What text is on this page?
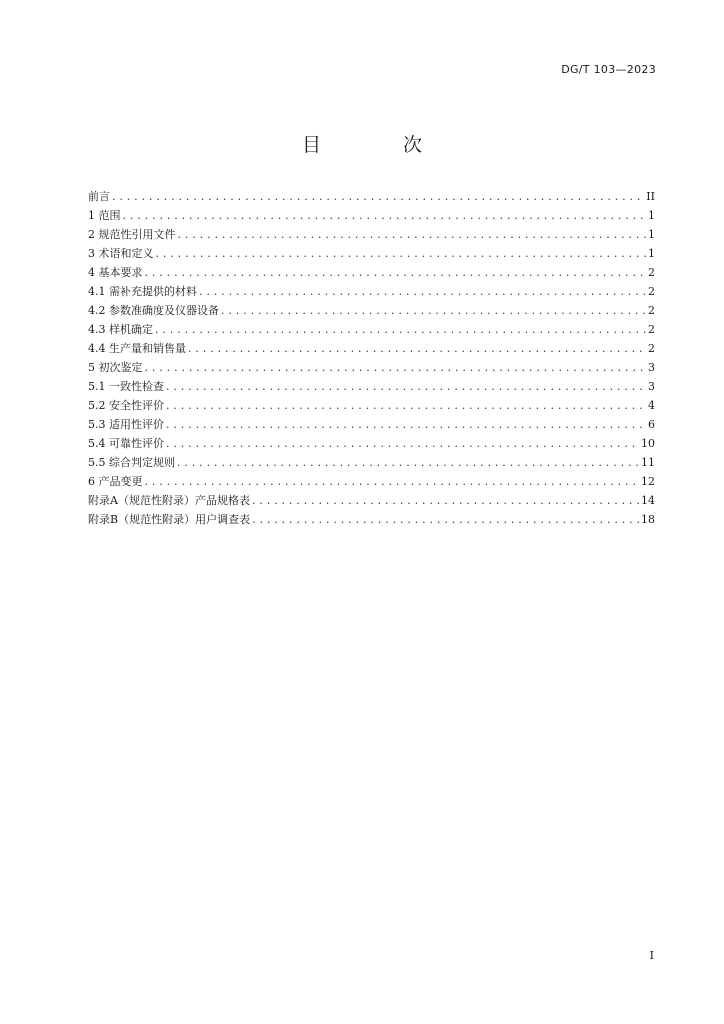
DG/T 103—2023
目 次
前言 . . .	II
1 范围 . . .	1
2 规范性引用文件 . . .	1
3 术语和定义 . . .	1
4 基本要求 . . .	2
4.1 需补充提供的材料 . . .	2
4.2 参数准确度及仪器设备 . . .	2
4.3 样机确定 . . .	2
4.4 生产量和销售量 . . .	2
5 初次鉴定 . . .	3
5.1 一致性检查 . . .	3
5.2 安全性评价 . . .	4
5.3 适用性评价 . . .	6
5.4 可靠性评价 . . .	10
5.5 综合判定规则 . . .	11
6 产品变更 . . .	12
附录A（规范性附录）产品规格表 . . .	14
附录B（规范性附录）用户调查表 . . .	18
I
